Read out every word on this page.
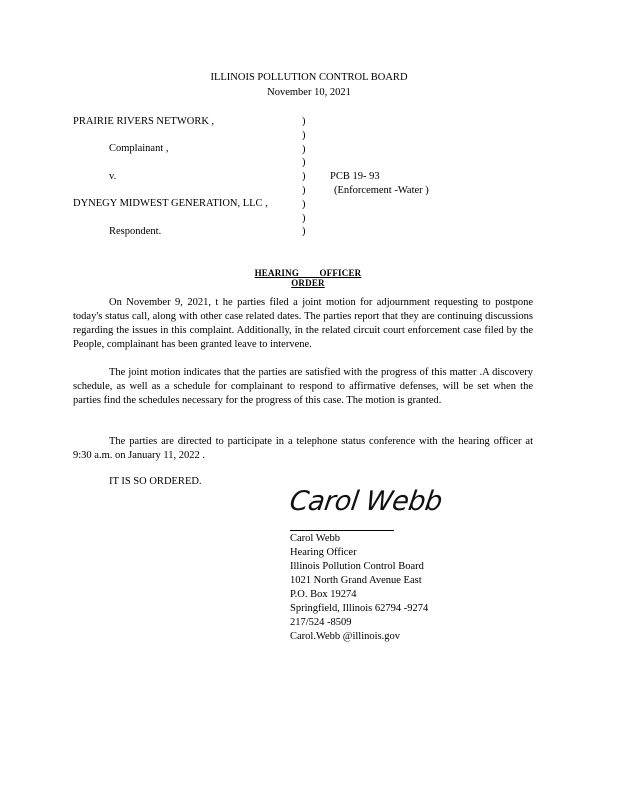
ILLINOIS POLLUTION CONTROL BOARD
November 10, 2021
PRAIRIE RIVERS NETWORK ,
Complainant ,
v.
DYNEGY MIDWEST GENERATION, LLC ,
Respondent.
)
)
)
)
)
)
)
)
)
PCB 19- 93
(Enforcement -Water )
HEARING OFFICER ORDER
On November 9, 2021, t he parties filed a joint motion for adjournment requesting to postpone today's status call, along with other case related dates. The parties report that they are continuing discussions regarding the issues in this complaint. Additionally, in the related circuit court enforcement case filed by the People, complainant has been granted leave to intervene.
The joint motion indicates that the parties are satisfied with the progress of this matter .A discovery schedule, as well as a schedule for complainant to respond to affirmative defenses, will be set when the parties find the schedules necessary for the progress of this case. The motion is granted.
The parties are directed to participate in a telephone status conference with the hearing officer at 9:30 a.m. on January 11, 2022 .
IT IS SO ORDERED.
Carol Webb
Carol Webb
Hearing Officer
Illinois Pollution Control Board
1021 North Grand Avenue East
P.O. Box 19274
Springfield, Illinois 62794 -9274
217/524 -8509
Carol.Webb @illinois.gov
